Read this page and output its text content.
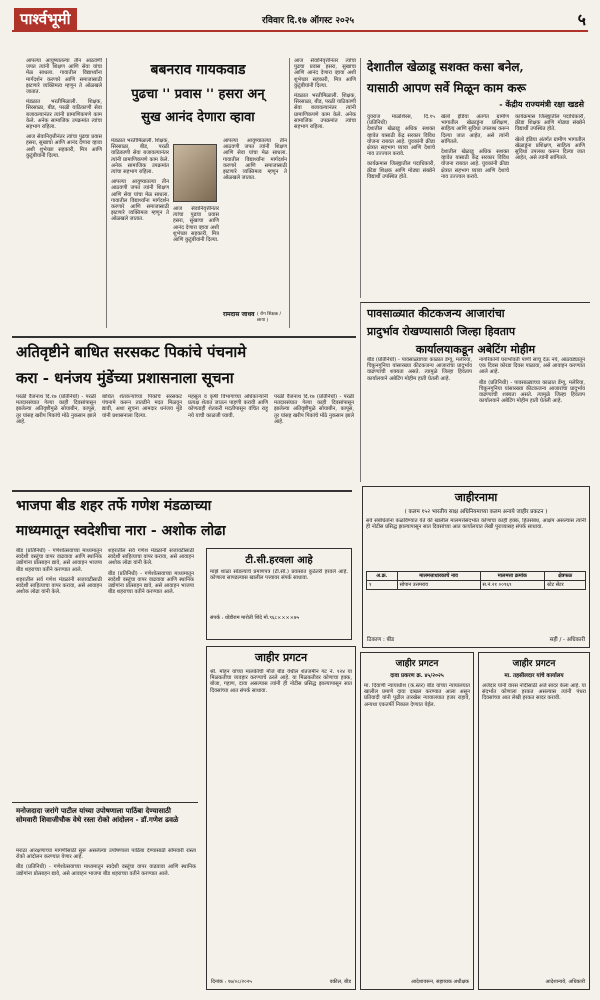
पार्श्वभूमी	रविवार दि.१७ ऑगस्ट २०२५	५

आपल्या आयुष्यातल्या तीन आठवणी जपत त्यांनी शिक्षण आणि सेवा यांचा मेळ साधला. गावातील विद्यार्थ्यांना मार्गदर्शन करणारे आणि समाजासाठी झटणारे व्यक्तिमत्व म्हणून ते ओळखले जातात.

मंडळात भरतीमिळाली. शिक्षक, सिरसाळा, बीड, परळी याठिकाणी सेवा बजावल्यानंतर त्यांनी प्रामाणिकपणे काम केले. अनेक सामाजिक उपक्रमांत त्यांचा सहभाग राहिला.

आज सेवानिवृत्तीनंतर त्यांचा पुढचा प्रवास हसरा, सुखाचा आणि आनंद देणारा व्हावा अशी शुभेच्छा सहकारी, मित्र आणि कुटुंबीयांनी दिल्या.

बबनराव गायकवाड
पुढचा '' प्रवास '' हसरा अन्
सुख आनंद देणारा व्हावा

मंडळात भरतीमिळाली. शिक्षक, सिरसाळा, बीड, परळी याठिकाणी सेवा बजावल्यानंतर त्यांनी प्रामाणिकपणे काम केले. अनेक सामाजिक उपक्रमांत त्यांचा सहभाग राहिला.

आपल्या आयुष्यातल्या तीन आठवणी जपत त्यांनी शिक्षण आणि सेवा यांचा मेळ साधला. गावातील विद्यार्थ्यांना मार्गदर्शन करणारे आणि समाजासाठी झटणारे व्यक्तिमत्व म्हणून ते ओळखले जातात.

आज सेवानिवृत्तीनंतर त्यांचा पुढचा प्रवास हसरा, सुखाचा आणि आनंद देणारा व्हावा अशी शुभेच्छा सहकारी, मित्र आणि कुटुंबीयांनी दिल्या.

आपल्या आयुष्यातल्या तीन आठवणी जपत त्यांनी शिक्षण आणि सेवा यांचा मेळ साधला. गावातील विद्यार्थ्यांना मार्गदर्शन करणारे आणि समाजासाठी झटणारे व्यक्तिमत्व म्हणून ते ओळखले जातात.

रामदास जाधव ( रोग शिक्षक / छाया )

आज सेवानिवृत्तीनंतर त्यांचा पुढचा प्रवास हसरा, सुखाचा आणि आनंद देणारा व्हावा अशी शुभेच्छा सहकारी, मित्र आणि कुटुंबीयांनी दिल्या.

मंडळात भरतीमिळाली. शिक्षक, सिरसाळा, बीड, परळी याठिकाणी सेवा बजावल्यानंतर त्यांनी प्रामाणिकपणे काम केले. अनेक सामाजिक उपक्रमांत त्यांचा सहभाग राहिला.

देशातील खेळाडू सशक्त कसा बनेल,
यासाठी आपण सर्वे मिळून काम करू
- केंद्रीय राज्यमंत्री रक्षा खडसे

युवराज माळशिरस, दि.१५ (प्रतिनिधी)

देशातील खेळाडू अधिक सशक्त व्हावेत यासाठी केंद्र सरकार विविध योजना राबवत आहे. युवकांनी क्रीडा क्षेत्रात सहभाग घ्यावा आणि देशाचे नाव उज्ज्वल करावे.

कार्यक्रमास जिल्ह्यातील पदाधिकारी, क्रीडा शिक्षक आणि मोठ्या संख्येने विद्यार्थी उपस्थित होते.

खेलो इंडिया अंतर्गत ग्रामीण भागातील खेळाडूंना प्रशिक्षण, साहित्य आणि सुविधा उपलब्ध करून दिल्या जात आहेत, असे त्यांनी सांगितले.

देशातील खेळाडू अधिक सशक्त व्हावेत यासाठी केंद्र सरकार विविध योजना राबवत आहे. युवकांनी क्रीडा क्षेत्रात सहभाग घ्यावा आणि देशाचे नाव उज्ज्वल करावे.

कार्यक्रमास जिल्ह्यातील पदाधिकारी, क्रीडा शिक्षक आणि मोठ्या संख्येने विद्यार्थी उपस्थित होते.

खेलो इंडिया अंतर्गत ग्रामीण भागातील खेळाडूंना प्रशिक्षण, साहित्य आणि सुविधा उपलब्ध करून दिल्या जात आहेत, असे त्यांनी सांगितले.

पावसाळ्यात कीटकजन्य आजारांचा
प्रादुर्भाव रोखण्यासाठी जिल्हा हिवताप
कार्यालयाकडून अबेटिंग मोहीम

बीड (प्रतिनिधी) - पावसाळ्याच्या काळात डेंग्यू, मलेरिया, चिकुनगुनिया यांसारख्या कीटकजन्य आजारांचा प्रादुर्भाव वाढण्याची शक्यता असते. त्यामुळे जिल्हा हिवताप कार्यालयाने अबेटिंग मोहीम हाती घेतली आहे.

नागरिकांनी घराभोवती पाणी साचू देऊ नये, आठवड्यातून एक दिवस कोरडा दिवस पाळावा, असे आवाहन करण्यात आले आहे.

बीड (प्रतिनिधी) - पावसाळ्याच्या काळात डेंग्यू, मलेरिया, चिकुनगुनिया यांसारख्या कीटकजन्य आजारांचा प्रादुर्भाव वाढण्याची शक्यता असते. त्यामुळे जिल्हा हिवताप कार्यालयाने अबेटिंग मोहीम हाती घेतली आहे.

अतिवृष्टीने बाधित सरसकट पिकांचे पंचनामे
करा - धनंजय मुंडेंच्या प्रशासनाला सूचना

परळी वैजनाथ दि.१७ (प्रतिनिधी) - परळी मतदारसंघात गेल्या काही दिवसांपासून झालेल्या अतिवृष्टीमुळे सोयाबीन, कापूस, तूर यांसह खरीप पिकांचे मोठे नुकसान झाले आहे.

बाधित शेतकऱ्यांच्या पिकांचे सरसकट पंचनामे करून तातडीने मदत मिळवून द्यावी, अशा सूचना आमदार धनंजय मुंडे यांनी प्रशासनाला दिल्या.

महसूल व कृषी विभागाच्या अधिकाऱ्यांनी प्रत्यक्ष शेतात जाऊन पाहणी करावी आणि कोणताही शेतकरी मदतीपासून वंचित राहू नये याची काळजी घ्यावी.

परळी वैजनाथ दि.१७ (प्रतिनिधी) - परळी मतदारसंघात गेल्या काही दिवसांपासून झालेल्या अतिवृष्टीमुळे सोयाबीन, कापूस, तूर यांसह खरीप पिकांचे मोठे नुकसान झाले आहे.

जाहीरनामा
( कलम १५२ भारतीय साक्ष अधिनियमाच्या कलम अन्वये जाहीर प्रकटन )
सर्व संबंधितांना कळविण्यात येते की खालील मालमत्तेसंदर्भात कोणाचा काही हक्क, हितसंबंध, आक्षेप असल्यास त्यांनी ही नोटीस प्रसिद्ध झाल्यापासून सात दिवसांच्या आत कार्यालयात लेखी पुराव्यासह संपर्क साधावा.
अ.क्र.	मालमत्ताधारकाचे नाव	मालमत्ता क्रमांक	क्षेत्रफळ
१	सोपान उत्तमराव	स.नं.२१ ००९६९	स्टेट सेंटर
ठिकाण : बीड	सही / - अधिकारी
भाजपा बीड शहर तर्फे गणेश मंडळाच्या
माध्यमातून स्वदेशीचा नारा - अशोक लोढा

बीड (प्रतिनिधी) - गणेशोत्सवाच्या माध्यमातून स्वदेशी वस्तूंचा वापर वाढवावा आणि स्थानिक उद्योगांना प्रोत्साहन द्यावे, असे आवाहन भाजपा बीड शहराच्या वतीने करण्यात आले.

शहरातील सर्व गणेश मंडळांनी सजावटीसाठी स्वदेशी साहित्याचा वापर करावा, असे आवाहन अशोक लोढा यांनी केले.

शहरातील सर्व गणेश मंडळांनी सजावटीसाठी स्वदेशी साहित्याचा वापर करावा, असे आवाहन अशोक लोढा यांनी केले.

बीड (प्रतिनिधी) - गणेशोत्सवाच्या माध्यमातून स्वदेशी वस्तूंचा वापर वाढवावा आणि स्थानिक उद्योगांना प्रोत्साहन द्यावे, असे आवाहन भाजपा बीड शहराच्या वतीने करण्यात आले.

मनोजदादा जरांगे पाटील यांच्या उपोषणाला पाठिंबा देण्यासाठी सोमवारी शिवाजीचौक वेथे रस्ता रोको आंदोलन - डॉ.गणेश ढवळे

मराठा आरक्षणाच्या मागणीसाठी सुरू असलेल्या उपोषणाला पाठिंबा देण्यासाठी सोमवारी रास्ता रोको आंदोलन करण्यात येणार आहे.

बीड (प्रतिनिधी) - गणेशोत्सवाच्या माध्यमातून स्वदेशी वस्तूंचा वापर वाढवावा आणि स्थानिक उद्योगांना प्रोत्साहन द्यावे, असे आवाहन भाजपा बीड शहराच्या वतीने करण्यात आले.

टी.सी.हरवला आहे
माझे शाळा सोडल्याचे प्रमाणपत्र (टी.सी.) प्रवासात कुठेतरी हरवले आहे. कोणाला सापडल्यास खालील पत्त्यावर संपर्क साधावा.
संपर्क : धोंडीराम मारोती शिंदे मो.९६८××××७५
जाहीर प्रगटन
श्री. मोहन यांच्या मालकीची मौजे बीड येथील शेतजमीन गट नं. १२४ या मिळकतीचा व्यवहार करण्याचे ठरले आहे. या मिळकतीवर कोणाचा हक्क, बोजा, गहाण, दावा असल्यास त्यांनी ही नोटीस प्रसिद्ध झाल्यापासून सात दिवसांच्या आत संपर्क साधावा.
दिनांक : १७/०८/२०२५	वकील, बीड
जाहीर प्रगटन
दावा प्रकरण क्र. ४५/२०२५
मा. दिवाणी न्यायाधीश (क.स्तर) बीड यांच्या न्यायालयात खालील प्रमाणे दावा दाखल करण्यात आला असून प्रतिवादी यांनी पुढील तारखेस न्यायालयात हजर राहावे, अन्यथा एकतर्फी निकाल देण्यात येईल.
आदेशावरून, सहाय्यक अधीक्षक
जाहीर प्रगटन
मा. तहसीलदार यांचे कार्यालय
अर्जदार यांनी वारस नोंदीसाठी अर्ज सादर केला आहे. या संदर्भात कोणाला हरकत असल्यास त्यांनी पंधरा दिवसांच्या आत लेखी हरकत सादर करावी.
आदेशान्वये, अधिकारी
